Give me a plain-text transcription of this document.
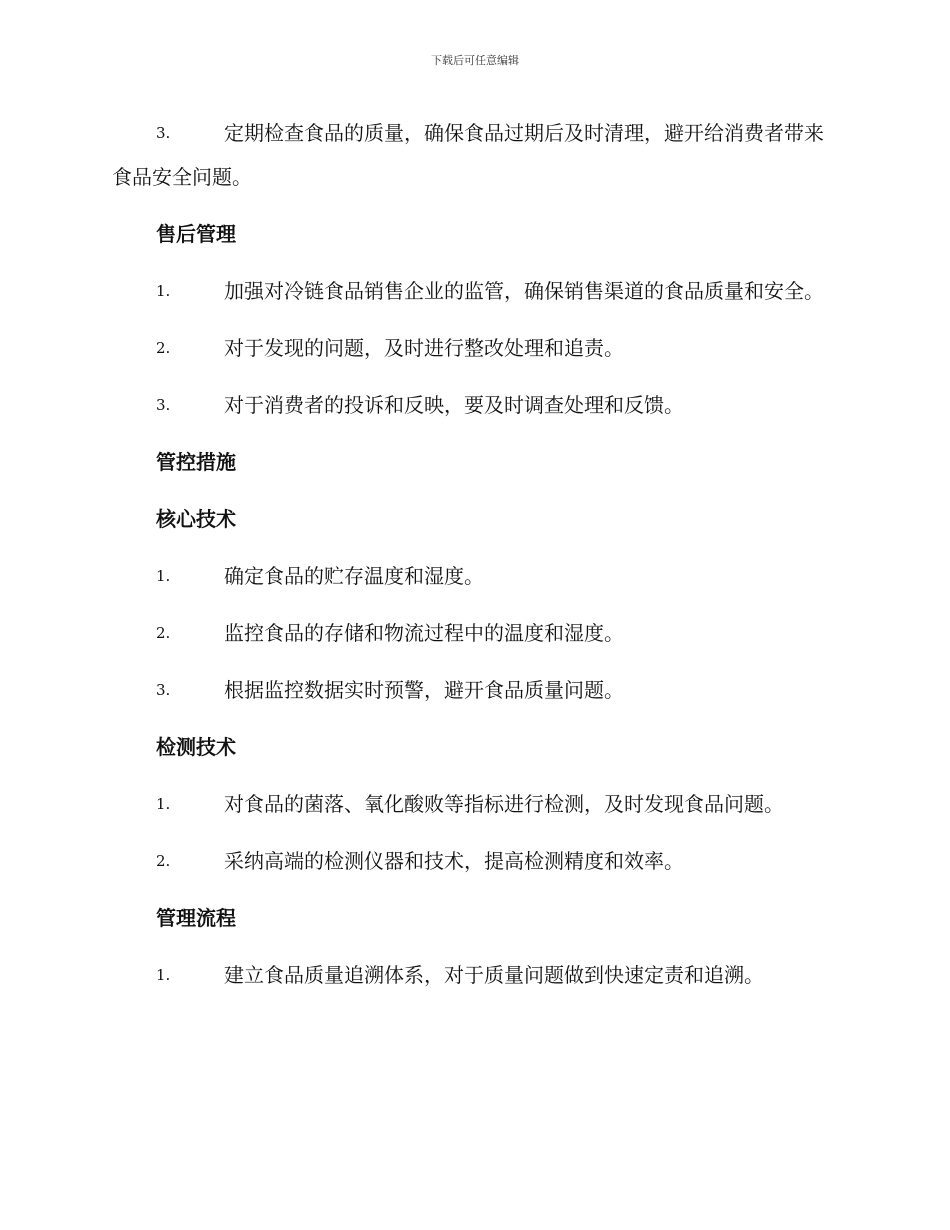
下载后可任意编辑
3.	定期检查食品的质量，确保食品过期后及时清理，避开给消费者带来食品安全问题。
售后管理
1.	加强对冷链食品销售企业的监管，确保销售渠道的食品质量和安全。
2.	对于发现的问题，及时进行整改处理和追责。
3.	对于消费者的投诉和反映，要及时调查处理和反馈。
管控措施
核心技术
1.	确定食品的贮存温度和湿度。
2.	监控食品的存储和物流过程中的温度和湿度。
3.	根据监控数据实时预警，避开食品质量问题。
检测技术
1.	对食品的菌落、氧化酸败等指标进行检测，及时发现食品问题。
2.	采纳高端的检测仪器和技术，提高检测精度和效率。
管理流程
1.	建立食品质量追溯体系，对于质量问题做到快速定责和追溯。
